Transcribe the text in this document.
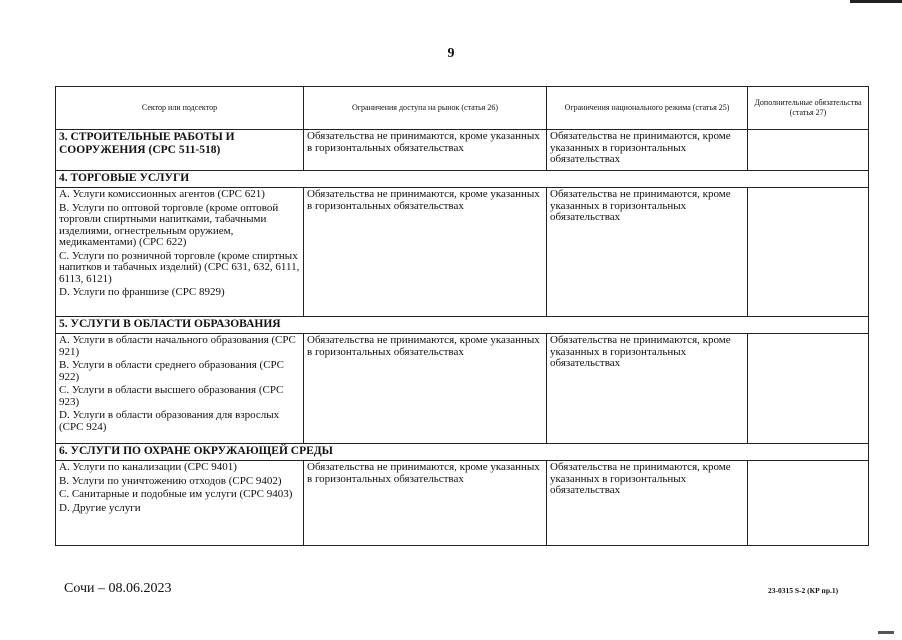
9
Сектор или подсектор	Ограничения доступа на рынок (статья 26)	Ограничения национального режима (статья 25)	Дополнительные обязательства (статья 27)
3. СТРОИТЕЛЬНЫЕ РАБОТЫ И СООРУЖЕНИЯ (CPC 511-518)	Обязательства не принимаются, кроме указанных в горизонтальных обязательствах	Обязательства не принимаются, кроме указанных в горизонтальных обязательствах	
4. ТОРГОВЫЕ УСЛУГИ			

A. Услуги комиссионных агентов (CPC 621)
B. Услуги по оптовой торговле (кроме оптовой торговли спиртными напитками, табачными изделиями, огнестрельным оружием, медикаментами) (CPC 622)
C. Услуги по розничной торговле (кроме спиртных напитков и табачных изделий) (CPC 631, 632, 6111, 6113, 6121)
D. Услуги по франшизе (CPC 8929)	Обязательства не принимаются, кроме указанных в горизонтальных обязательствах	Обязательства не принимаются, кроме указанных в горизонтальных обязательствах	
5. УСЛУГИ В ОБЛАСТИ ОБРАЗОВАНИЯ			

A. Услуги в области начального образования (CPC 921)
B. Услуги в области среднего образования (CPC 922)
C. Услуги в области высшего образования (CPC 923)
D. Услуги в области образования для взрослых (CPC 924)	Обязательства не принимаются, кроме указанных в горизонтальных обязательствах	Обязательства не принимаются, кроме указанных в горизонтальных обязательствах	
6. УСЛУГИ ПО ОХРАНЕ ОКРУЖАЮЩЕЙ СРЕДЫ			

A. Услуги по канализации (CPC 9401)
B. Услуги по уничтожению отходов (CPC 9402)
C. Санитарные и подобные им услуги (CPC 9403)
D. Другие услуги	Обязательства не принимаются, кроме указанных в горизонтальных обязательствах	Обязательства не принимаются, кроме указанных в горизонтальных обязательствах	
Сочи – 08.06.2023	23-0315 S-2 (КР пр.1)
